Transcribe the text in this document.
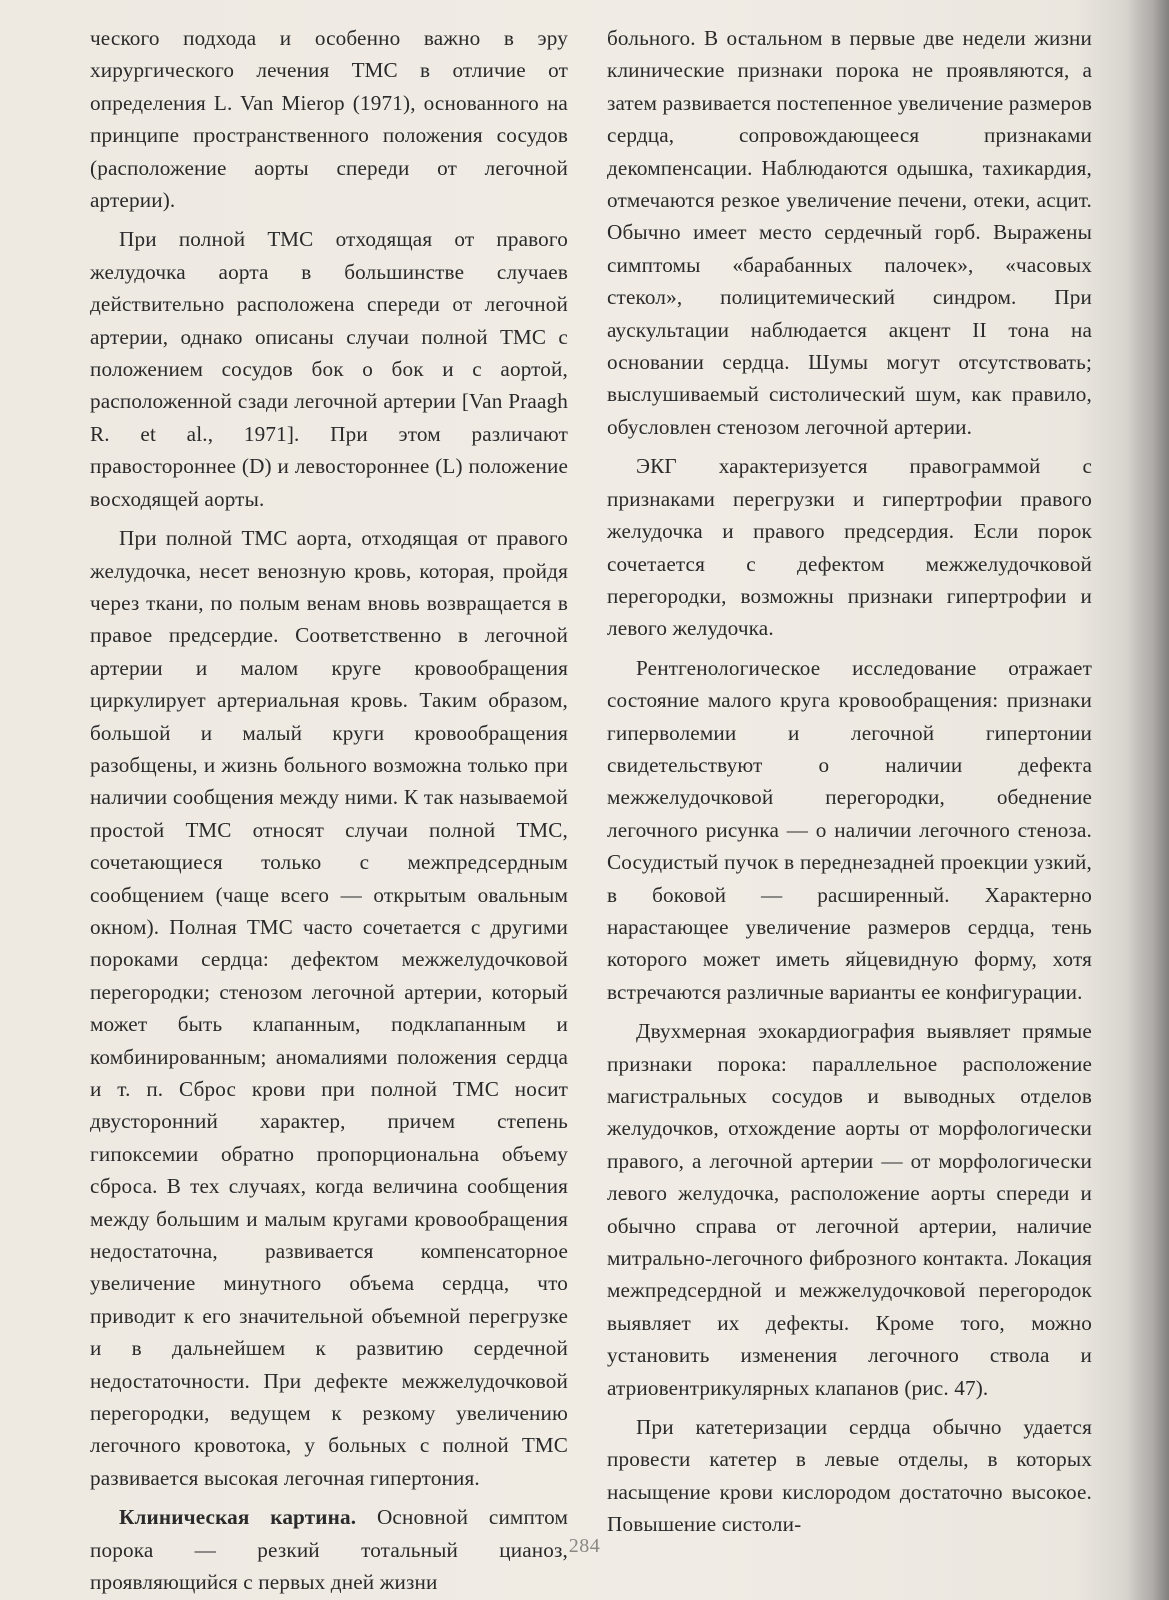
ческого подхода и особенно важно в эру хирургического лечения ТМС в отличие от определения L. Van Mierop (1971), основанного на принципе пространственного положения сосудов (расположение аорты спереди от легочной артерии).

При полной ТМС отходящая от правого желудочка аорта в большинстве случаев действительно расположена спереди от легочной артерии, однако описаны случаи полной ТМС с положением сосудов бок о бок и с аортой, расположенной сзади легочной артерии [Van Praagh R. et al., 1971]. При этом различают правостороннее (D) и левостороннее (L) положение восходящей аорты.

При полной ТМС аорта, отходящая от правого желудочка, несет венозную кровь, которая, пройдя через ткани, по полым венам вновь возвращается в правое предсердие. Соответственно в легочной артерии и малом круге кровообращения циркулирует артериальная кровь. Таким образом, большой и малый круги кровообращения разобщены, и жизнь больного возможна только при наличии сообщения между ними. К так называемой простой ТМС относят случаи полной ТМС, сочетающиеся только с межпредсердным сообщением (чаще всего — открытым овальным окном). Полная ТМС часто сочетается с другими пороками сердца: дефектом межжелудочковой перегородки; стенозом легочной артерии, который может быть клапанным, подклапанным и комбинированным; аномалиями положения сердца и т. п. Сброс крови при полной ТМС носит двусторонний характер, причем степень гипоксемии обратно пропорциональна объему сброса. В тех случаях, когда величина сообщения между большим и малым кругами кровообращения недостаточна, развивается компенсаторное увеличение минутного объема сердца, что приводит к его значительной объемной перегрузке и в дальнейшем к развитию сердечной недостаточности. При дефекте межжелудочковой перегородки, ведущем к резкому увеличению легочного кровотока, у больных с полной ТМС развивается высокая легочная гипертония.

Клиническая картина. Основной симптом порока — резкий тотальный цианоз, проявляющийся с первых дней жизни

больного. В остальном в первые две недели жизни клинические признаки порока не проявляются, а затем развивается постепенное увеличение размеров сердца, сопровождающееся признаками декомпенсации. Наблюдаются одышка, тахикардия, отмечаются резкое увеличение печени, отеки, асцит. Обычно имеет место сердечный горб. Выражены симптомы «барабанных палочек», «часовых стекол», полицитемический синдром. При аускультации наблюдается акцент II тона на основании сердца. Шумы могут отсутствовать; выслушиваемый систолический шум, как правило, обусловлен стенозом легочной артерии.

ЭКГ характеризуется правограммой с признаками перегрузки и гипертрофии правого желудочка и правого предсердия. Если порок сочетается с дефектом межжелудочковой перегородки, возможны признаки гипертрофии и левого желудочка.

Рентгенологическое исследование отражает состояние малого круга кровообращения: признаки гиперволемии и легочной гипертонии свидетельствуют о наличии дефекта межжелудочковой перегородки, обеднение легочного рисунка — о наличии легочного стеноза. Сосудистый пучок в переднезадней проекции узкий, в боковой — расширенный. Характерно нарастающее увеличение размеров сердца, тень которого может иметь яйцевидную форму, хотя встречаются различные варианты ее конфигурации.

Двухмерная эхокардиография выявляет прямые признаки порока: параллельное расположение магистральных сосудов и выводных отделов желудочков, отхождение аорты от морфологически правого, а легочной артерии — от морфологически левого желудочка, расположение аорты спереди и обычно справа от легочной артерии, наличие митрально-легочного фиброзного контакта. Локация межпредсердной и межжелудочковой перегородок выявляет их дефекты. Кроме того, можно установить изменения легочного ствола и атриовентрикулярных клапанов (рис. 47).

При катетеризации сердца обычно удается провести катетер в левые отделы, в которых насыщение крови кислородом достаточно высокое. Повышение систоли-

284
